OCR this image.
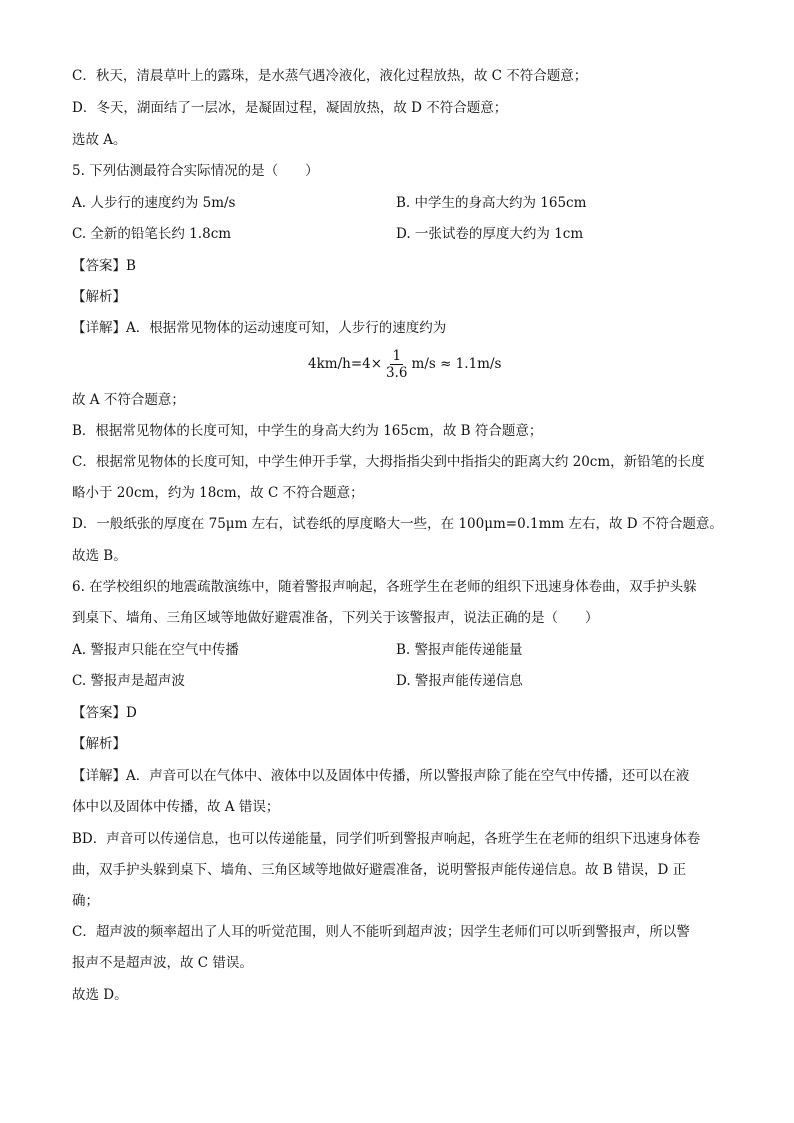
C．秋天，清晨草叶上的露珠，是水蒸气遇冷液化，液化过程放热，故 C 不符合题意；
D．冬天，湖面结了一层冰，是凝固过程，凝固放热，故 D 不符合题意；
选故 A。
5. 下列估测最符合实际情况的是（　　）
A. 人步行的速度约为 5m/s	B. 中学生的身高大约为 165cm
C. 全新的铅笔长约 1.8cm	D. 一张试卷的厚度大约为 1cm
【答案】B
【解析】
【详解】A．根据常见物体的运动速度可知，人步行的速度约为
$4km/h=4\times \frac{1}{3.6} m/s \approx 1.1m/s$
故 A 不符合题意；
B．根据常见物体的长度可知，中学生的身高大约为 165cm，故 B 符合题意；
C．根据常见物体的长度可知，中学生伸开手掌，大拇指指尖到中指指尖的距离大约 20cm，新铅笔的长度
略小于 20cm，约为 18cm，故 C 不符合题意；
D．一般纸张的厚度在 75μm 左右，试卷纸的厚度略大一些，在 100μm=0.1mm 左右，故 D 不符合题意。
故选 B。
6. 在学校组织的地震疏散演练中，随着警报声响起，各班学生在老师的组织下迅速身体卷曲，双手护头躲
到桌下、墙角、三角区域等地做好避震准备，下列关于该警报声，说法正确的是（　　）
A. 警报声只能在空气中传播	B. 警报声能传递能量
C. 警报声是超声波	D. 警报声能传递信息
【答案】D
【解析】
【详解】A．声音可以在气体中、液体中以及固体中传播，所以警报声除了能在空气中传播，还可以在液
体中以及固体中传播，故 A 错误；
BD．声音可以传递信息，也可以传递能量，同学们听到警报声响起，各班学生在老师的组织下迅速身体卷
曲，双手护头躲到桌下、墙角、三角区域等地做好避震准备，说明警报声能传递信息。故 B 错误，D 正
确；
C．超声波的频率超出了人耳的听觉范围，则人不能听到超声波；因学生老师们可以听到警报声，所以警
报声不是超声波，故 C 错误。
故选 D。
